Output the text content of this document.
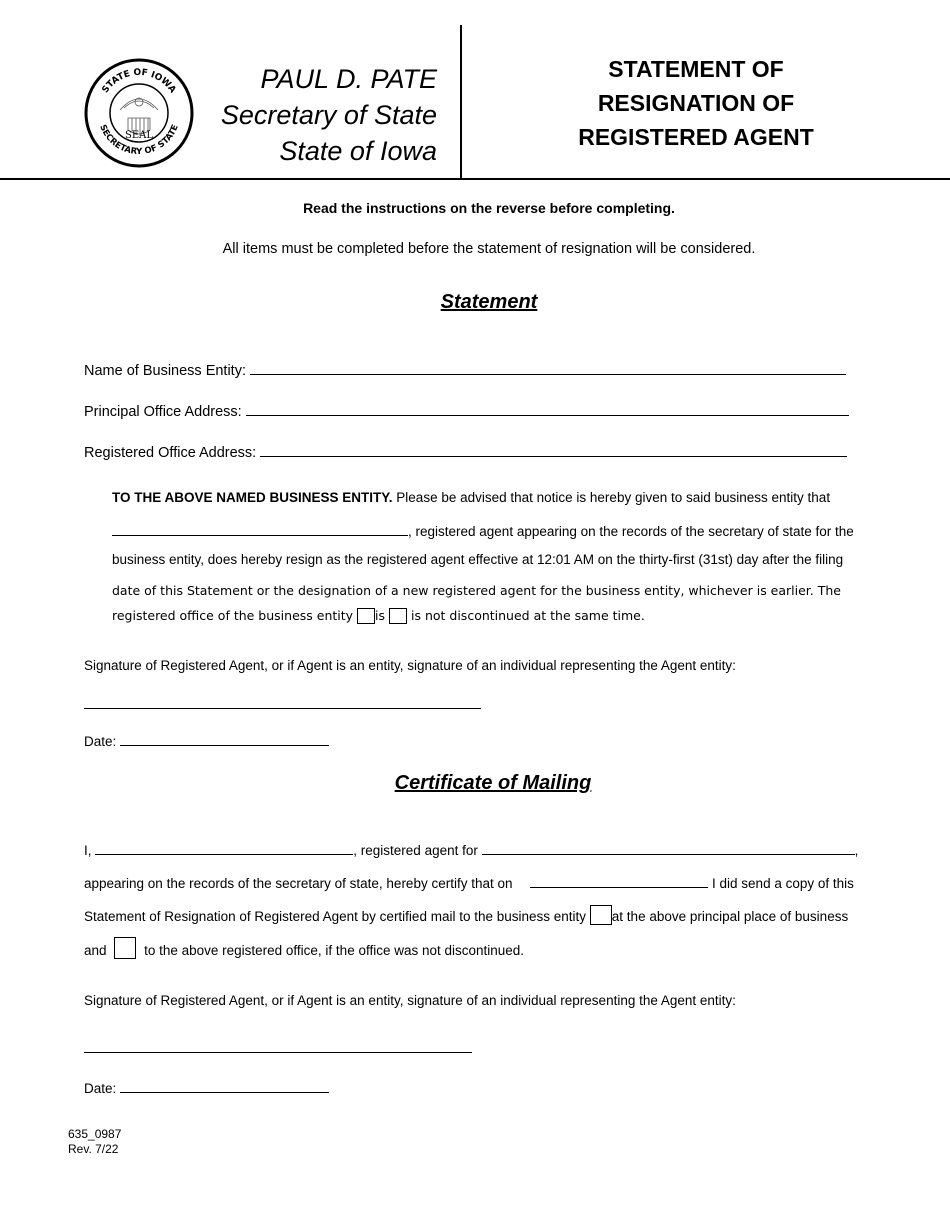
STATE OF IOWA
SECRETARY OF STATE
SEAL
PAUL D. PATE
Secretary of State
State of Iowa
STATEMENT OF
RESIGNATION OF
REGISTERED AGENT
Read the instructions on the reverse before completing.
All items must be completed before the statement of resignation will be considered.
Statement
Name of Business Entity:
Principal Office Address:
Registered Office Address:
TO THE ABOVE NAMED BUSINESS ENTITY. Please be advised that notice is hereby given to said business entity that
, registered agent appearing on the records of the secretary of state for the
business entity, does hereby resign as the registered agent effective at 12:01 AM on the thirty-first (31st) day after the filing
date of this Statement or the designation of a new registered agent for the business entity, whichever is earlier. The
registered office of the business entity is is not discontinued at the same time.
Signature of Registered Agent, or if Agent is an entity, signature of an individual representing the Agent entity:
Date:
Certificate of Mailing
I,	, registered agent for	,
appearing on the records of the secretary of state, hereby certify that on	I did send a copy of this
Statement of Resignation of Registered Agent by certified mail to the business entity at the above principal place of business
and	to the above registered office, if the office was not discontinued.
Signature of Registered Agent, or if Agent is an entity, signature of an individual representing the Agent entity:
Date:
635_0987
Rev. 7/22
